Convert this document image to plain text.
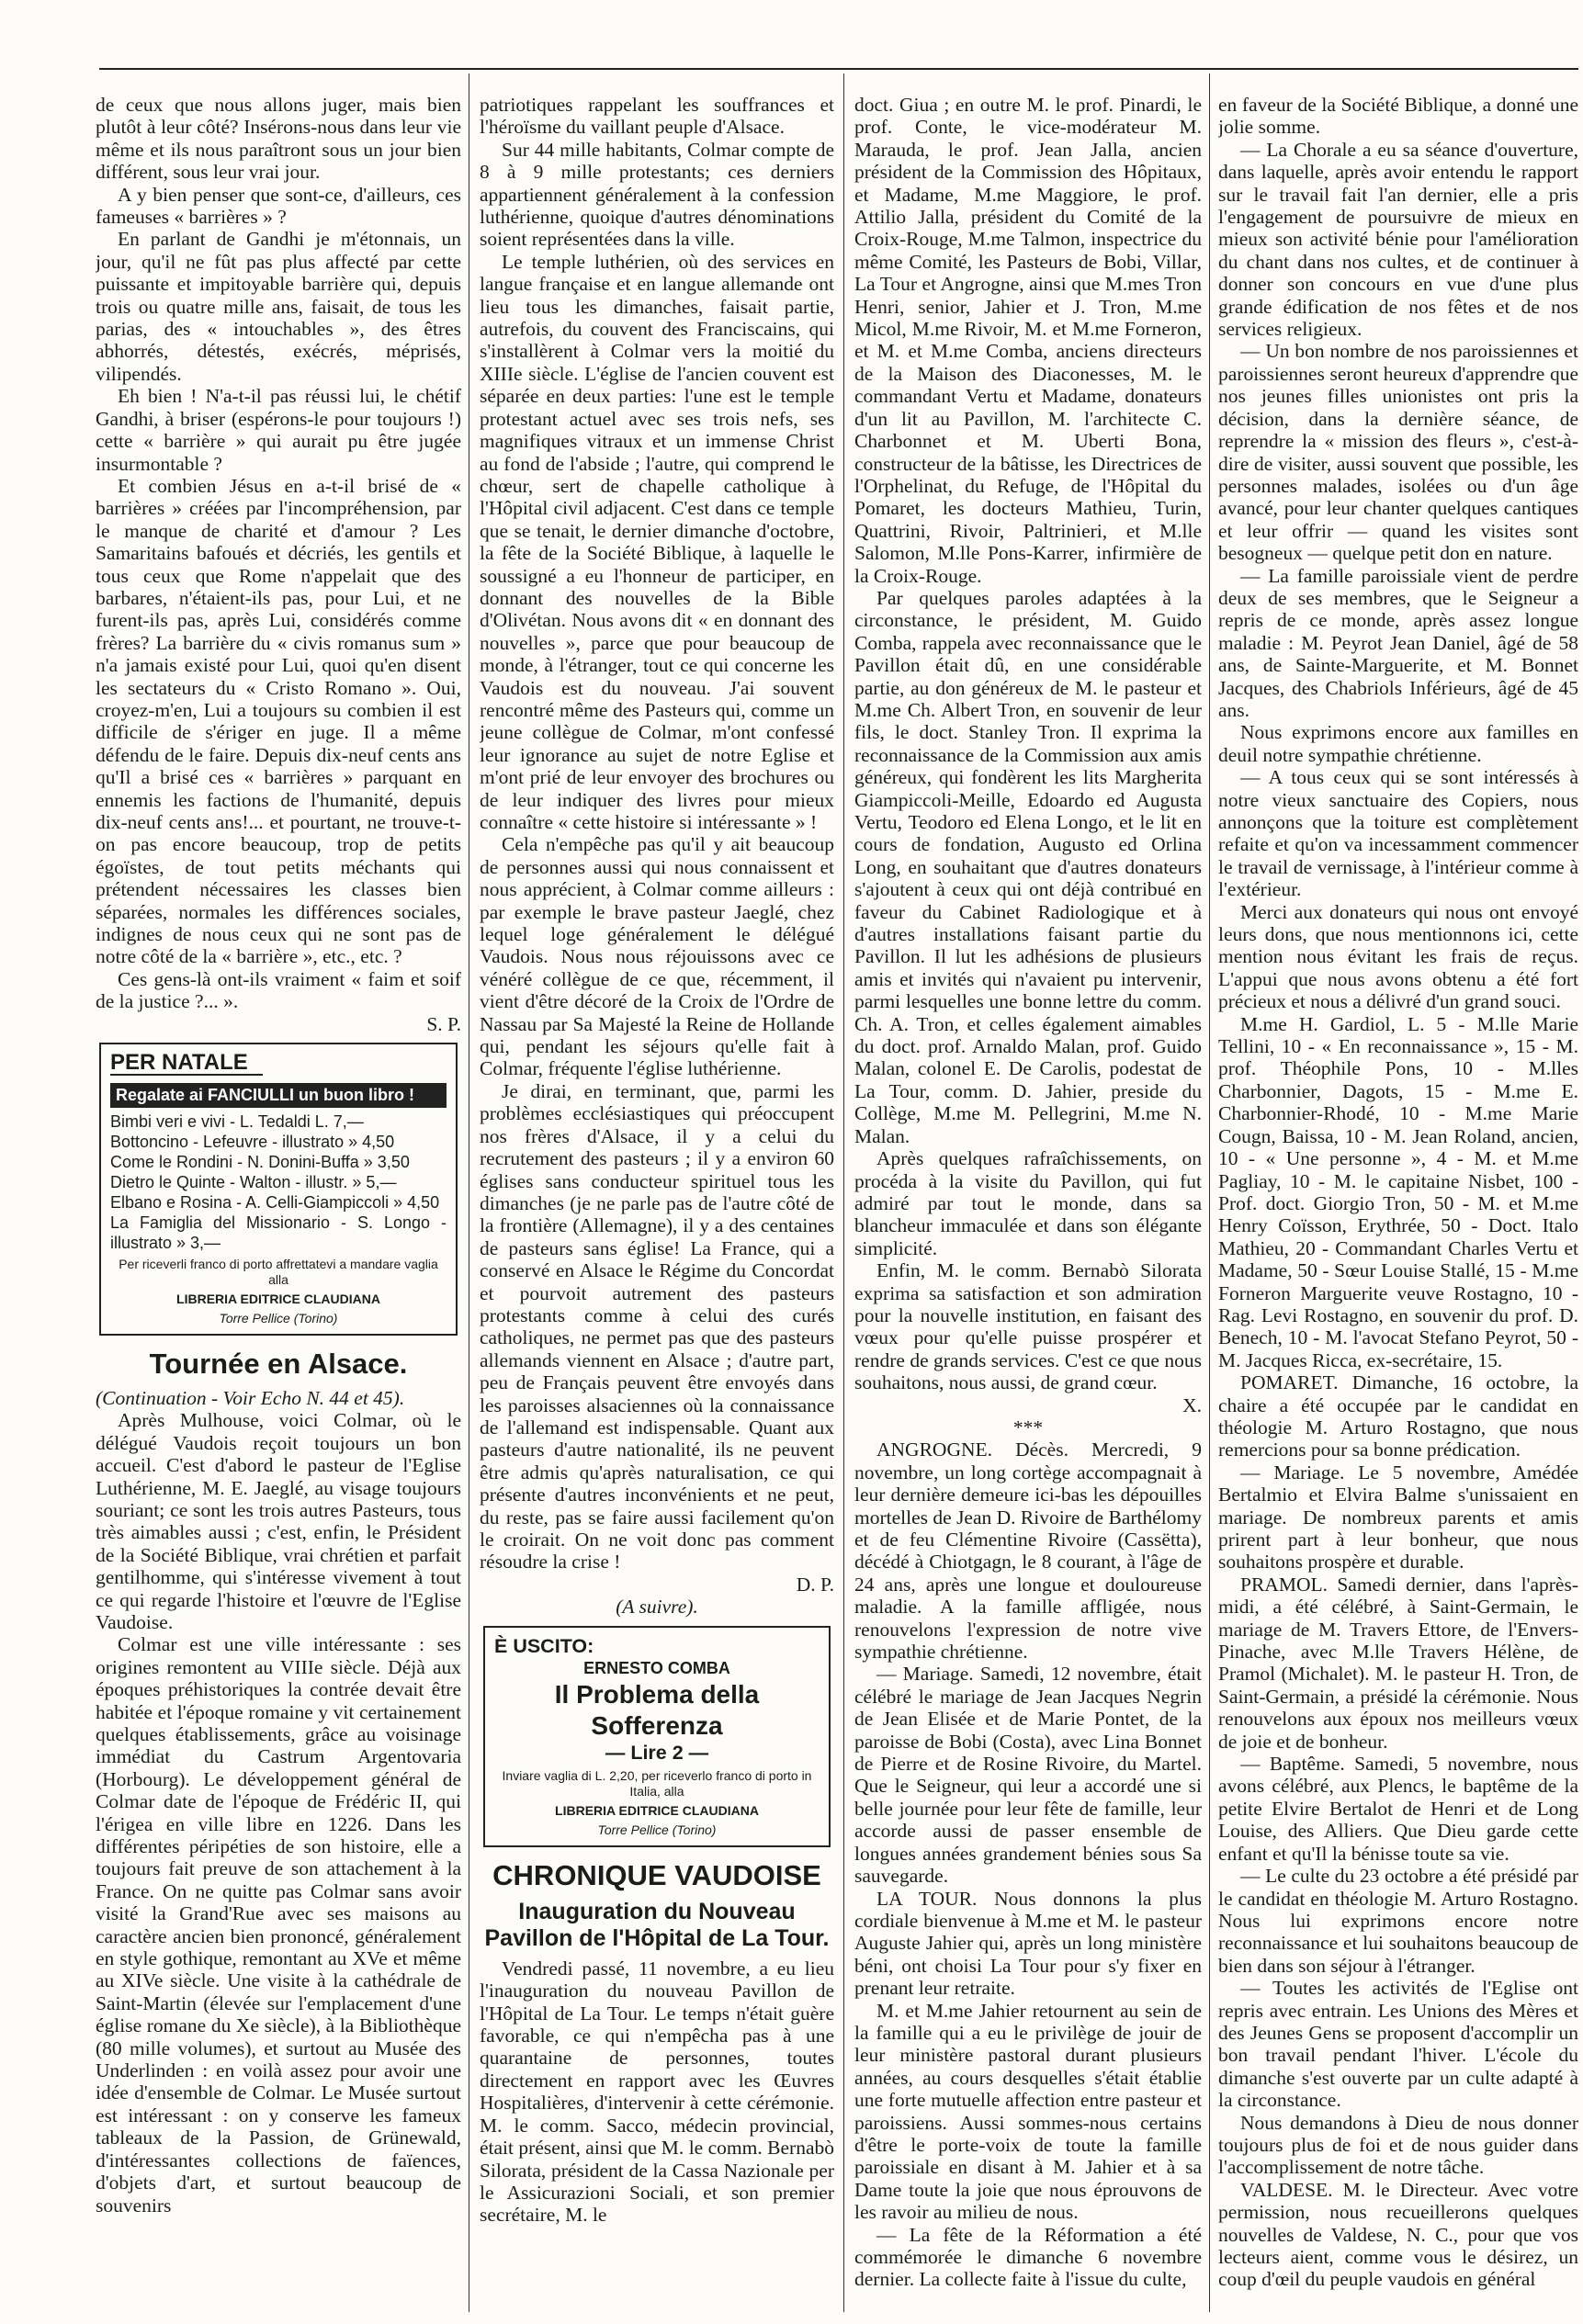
de ceux que nous allons juger, mais bien plutôt à leur côté? Insérons-nous dans leur vie même et ils nous paraîtront sous un jour bien différent, sous leur vrai jour.

A y bien penser que sont-ce, d'ailleurs, ces fameuses « barrières » ?

En parlant de Gandhi je m'étonnais, un jour, qu'il ne fût pas plus affecté par cette puissante et impitoyable barrière qui, depuis trois ou quatre mille ans, faisait, de tous les parias, des « intouchables », des êtres abhorrés, détestés, exécrés, méprisés, vilipendés.

Eh bien ! N'a-t-il pas réussi lui, le chétif Gandhi, à briser (espérons-le pour toujours !) cette « barrière » qui aurait pu être jugée insurmontable ?

Et combien Jésus en a-t-il brisé de « barrières » créées par l'incompréhension, par le manque de charité et d'amour ? Les Samaritains bafoués et décriés, les gentils et tous ceux que Rome n'appelait que des barbares, n'étaient-ils pas, pour Lui, et ne furent-ils pas, après Lui, considérés comme frères? La barrière du « civis romanus sum » n'a jamais existé pour Lui, quoi qu'en disent les sectateurs du « Cristo Romano ». Oui, croyez-m'en, Lui a toujours su combien il est difficile de s'ériger en juge. Il a même défendu de le faire. Depuis dix-neuf cents ans qu'Il a brisé ces « barrières » parquant en ennemis les factions de l'humanité, depuis dix-neuf cents ans!... et pourtant, ne trouve-t-on pas encore beaucoup, trop de petits égoïstes, de tout petits méchants qui prétendent nécessaires les classes bien séparées, normales les différences sociales, indignes de nous ceux qui ne sont pas de notre côté de la « barrière », etc., etc. ?

Ces gens-là ont-ils vraiment « faim et soif de la justice ?... ».

S. P.

PER NATALE
Regalate ai FANCIULLI un buon libro !
Bimbi veri e vivi - L. Tedaldi L. 7,—
Bottoncino - Lefeuvre - illustrato » 4,50
Come le Rondini - N. Donini-Buffa » 3,50
Dietro le Quinte - Walton - illustr. » 5,—
Elbano e Rosina - A. Celli-Giampiccoli » 4,50
La Famiglia del Missionario - S. Longo - illustrato » 3,—
Per riceverli franco di porto affrettatevi a mandare vaglia alla
LIBRERIA EDITRICE CLAUDIANA
Torre Pellice (Torino)
Tournée en Alsace.

(Continuation - Voir Echo N. 44 et 45).

Après Mulhouse, voici Colmar, où le délégué Vaudois reçoit toujours un bon accueil. C'est d'abord le pasteur de l'Eglise Luthérienne, M. E. Jaeglé, au visage toujours souriant; ce sont les trois autres Pasteurs, tous très aimables aussi ; c'est, enfin, le Président de la Société Biblique, vrai chrétien et parfait gentilhomme, qui s'intéresse vivement à tout ce qui regarde l'histoire et l'œuvre de l'Eglise Vaudoise.

Colmar est une ville intéressante : ses origines remontent au VIIIe siècle. Déjà aux époques préhistoriques la contrée devait être habitée et l'époque romaine y vit certainement quelques établissements, grâce au voisinage immédiat du Castrum Argentovaria (Horbourg). Le développement général de Colmar date de l'époque de Frédéric II, qui l'érigea en ville libre en 1226. Dans les différentes péripéties de son histoire, elle a toujours fait preuve de son attachement à la France. On ne quitte pas Colmar sans avoir visité la Grand'Rue avec ses maisons au caractère ancien bien prononcé, généralement en style gothique, remontant au XVe et même au XIVe siècle. Une visite à la cathédrale de Saint-Martin (élevée sur l'emplacement d'une église romane du Xe siècle), à la Bibliothèque (80 mille volumes), et surtout au Musée des Underlinden : en voilà assez pour avoir une idée d'ensemble de Colmar. Le Musée surtout est intéressant : on y conserve les fameux tableaux de la Passion, de Grünewald, d'intéressantes collections de faïences, d'objets d'art, et surtout beaucoup de souvenirs

patriotiques rappelant les souffrances et l'héroïsme du vaillant peuple d'Alsace.

Sur 44 mille habitants, Colmar compte de 8 à 9 mille protestants; ces derniers appartiennent généralement à la confession luthérienne, quoique d'autres dénominations soient représentées dans la ville.

Le temple luthérien, où des services en langue française et en langue allemande ont lieu tous les dimanches, faisait partie, autrefois, du couvent des Franciscains, qui s'installèrent à Colmar vers la moitié du XIIIe siècle. L'église de l'ancien couvent est séparée en deux parties: l'une est le temple protestant actuel avec ses trois nefs, ses magnifiques vitraux et un immense Christ au fond de l'abside ; l'autre, qui comprend le chœur, sert de chapelle catholique à l'Hôpital civil adjacent. C'est dans ce temple que se tenait, le dernier dimanche d'octobre, la fête de la Société Biblique, à laquelle le soussigné a eu l'honneur de participer, en donnant des nouvelles de la Bible d'Olivétan. Nous avons dit « en donnant des nouvelles », parce que pour beaucoup de monde, à l'étranger, tout ce qui concerne les Vaudois est du nouveau. J'ai souvent rencontré même des Pasteurs qui, comme un jeune collègue de Colmar, m'ont confessé leur ignorance au sujet de notre Eglise et m'ont prié de leur envoyer des brochures ou de leur indiquer des livres pour mieux connaître « cette histoire si intéressante » !

Cela n'empêche pas qu'il y ait beaucoup de personnes aussi qui nous connaissent et nous apprécient, à Colmar comme ailleurs : par exemple le brave pasteur Jaeglé, chez lequel loge généralement le délégué Vaudois. Nous nous réjouissons avec ce vénéré collègue de ce que, récemment, il vient d'être décoré de la Croix de l'Ordre de Nassau par Sa Majesté la Reine de Hollande qui, pendant les séjours qu'elle fait à Colmar, fréquente l'église luthérienne.

Je dirai, en terminant, que, parmi les problèmes ecclésiastiques qui préoccupent nos frères d'Alsace, il y a celui du recrutement des pasteurs ; il y a environ 60 églises sans conducteur spirituel tous les dimanches (je ne parle pas de l'autre côté de la frontière (Allemagne), il y a des centaines de pasteurs sans église! La France, qui a conservé en Alsace le Régime du Concordat et pourvoit autrement des pasteurs protestants comme à celui des curés catholiques, ne permet pas que des pasteurs allemands viennent en Alsace ; d'autre part, peu de Français peuvent être envoyés dans les paroisses alsaciennes où la connaissance de l'allemand est indispensable. Quant aux pasteurs d'autre nationalité, ils ne peuvent être admis qu'après naturalisation, ce qui présente d'autres inconvénients et ne peut, du reste, pas se faire aussi facilement qu'on le croirait. On ne voit donc pas comment résoudre la crise !

D. P.

(A suivre).

È USCITO:
ERNESTO COMBA
Il Problema della Sofferenza
— Lire 2 —
Inviare vaglia di L. 2,20, per riceverlo franco di porto in Italia, alla
LIBRERIA EDITRICE CLAUDIANA
Torre Pellice (Torino)
CHRONIQUE VAUDOISE
Inauguration du Nouveau Pavillon de l'Hôpital de La Tour.

Vendredi passé, 11 novembre, a eu lieu l'inauguration du nouveau Pavillon de l'Hôpital de La Tour. Le temps n'était guère favorable, ce qui n'empêcha pas à une quarantaine de personnes, toutes directement en rapport avec les Œuvres Hospitalières, d'intervenir à cette cérémonie. M. le comm. Sacco, médecin provincial, était présent, ainsi que M. le comm. Bernabò Silorata, président de la Cassa Nazionale per le Assicurazioni Sociali, et son premier secrétaire, M. le

doct. Giua ; en outre M. le prof. Pinardi, le prof. Conte, le vice-modérateur M. Marauda, le prof. Jean Jalla, ancien président de la Commission des Hôpitaux, et Madame, M.me Maggiore, le prof. Attilio Jalla, président du Comité de la Croix-Rouge, M.me Talmon, inspectrice du même Comité, les Pasteurs de Bobi, Villar, La Tour et Angrogne, ainsi que M.mes Tron Henri, senior, Jahier et J. Tron, M.me Micol, M.me Rivoir, M. et M.me Forneron, et M. et M.me Comba, anciens directeurs de la Maison des Diaconesses, M. le commandant Vertu et Madame, donateurs d'un lit au Pavillon, M. l'architecte C. Charbonnet et M. Uberti Bona, constructeur de la bâtisse, les Directrices de l'Orphelinat, du Refuge, de l'Hôpital du Pomaret, les docteurs Mathieu, Turin, Quattrini, Rivoir, Paltrinieri, et M.lle Salomon, M.lle Pons-Karrer, infirmière de la Croix-Rouge.

Par quelques paroles adaptées à la circonstance, le président, M. Guido Comba, rappela avec reconnaissance que le Pavillon était dû, en une considérable partie, au don généreux de M. le pasteur et M.me Ch. Albert Tron, en souvenir de leur fils, le doct. Stanley Tron. Il exprima la reconnaissance de la Commission aux amis généreux, qui fondèrent les lits Margherita Giampiccoli-Meille, Edoardo ed Augusta Vertu, Teodoro ed Elena Longo, et le lit en cours de fondation, Augusto ed Orlina Long, en souhaitant que d'autres donateurs s'ajoutent à ceux qui ont déjà contribué en faveur du Cabinet Radiologique et à d'autres installations faisant partie du Pavillon. Il lut les adhésions de plusieurs amis et invités qui n'avaient pu intervenir, parmi lesquelles une bonne lettre du comm. Ch. A. Tron, et celles également aimables du doct. prof. Arnaldo Malan, prof. Guido Malan, colonel E. De Carolis, podestat de La Tour, comm. D. Jahier, preside du Collège, M.me M. Pellegrini, M.me N. Malan.

Après quelques rafraîchissements, on procéda à la visite du Pavillon, qui fut admiré par tout le monde, dans sa blancheur immaculée et dans son élégante simplicité.

Enfin, M. le comm. Bernabò Silorata exprima sa satisfaction et son admiration pour la nouvelle institution, en faisant des vœux pour qu'elle puisse prospérer et rendre de grands services. C'est ce que nous souhaitons, nous aussi, de grand cœur.

X.

***

ANGROGNE. Décès. Mercredi, 9 novembre, un long cortège accompagnait à leur dernière demeure ici-bas les dépouilles mortelles de Jean D. Rivoire de Barthélomy et de feu Clémentine Rivoire (Cassëtta), décédé à Chiotgagn, le 8 courant, à l'âge de 24 ans, après une longue et douloureuse maladie. A la famille affligée, nous renouvelons l'expression de notre vive sympathie chrétienne.

— Mariage. Samedi, 12 novembre, était célébré le mariage de Jean Jacques Negrin de Jean Elisée et de Marie Pontet, de la paroisse de Bobi (Costa), avec Lina Bonnet de Pierre et de Rosine Rivoire, du Martel. Que le Seigneur, qui leur a accordé une si belle journée pour leur fête de famille, leur accorde aussi de passer ensemble de longues années grandement bénies sous Sa sauvegarde.

LA TOUR. Nous donnons la plus cordiale bienvenue à M.me et M. le pasteur Auguste Jahier qui, après un long ministère béni, ont choisi La Tour pour s'y fixer en prenant leur retraite.

M. et M.me Jahier retournent au sein de la famille qui a eu le privilège de jouir de leur ministère pastoral durant plusieurs années, au cours desquelles s'était établie une forte mutuelle affection entre pasteur et paroissiens. Aussi sommes-nous certains d'être le porte-voix de toute la famille paroissiale en disant à M. Jahier et à sa Dame toute la joie que nous éprouvons de les ravoir au milieu de nous.

— La fête de la Réformation a été commémorée le dimanche 6 novembre dernier. La collecte faite à l'issue du culte,

en faveur de la Société Biblique, a donné une jolie somme.

— La Chorale a eu sa séance d'ouverture, dans laquelle, après avoir entendu le rapport sur le travail fait l'an dernier, elle a pris l'engagement de poursuivre de mieux en mieux son activité bénie pour l'amélioration du chant dans nos cultes, et de continuer à donner son concours en vue d'une plus grande édification de nos fêtes et de nos services religieux.

— Un bon nombre de nos paroissiennes et paroissiennes seront heureux d'apprendre que nos jeunes filles unionistes ont pris la décision, dans la dernière séance, de reprendre la « mission des fleurs », c'est-à-dire de visiter, aussi souvent que possible, les personnes malades, isolées ou d'un âge avancé, pour leur chanter quelques cantiques et leur offrir — quand les visites sont besogneux — quelque petit don en nature.

— La famille paroissiale vient de perdre deux de ses membres, que le Seigneur a repris de ce monde, après assez longue maladie : M. Peyrot Jean Daniel, âgé de 58 ans, de Sainte-Marguerite, et M. Bonnet Jacques, des Chabriols Inférieurs, âgé de 45 ans.

Nous exprimons encore aux familles en deuil notre sympathie chrétienne.

— A tous ceux qui se sont intéressés à notre vieux sanctuaire des Copiers, nous annonçons que la toiture est complètement refaite et qu'on va incessamment commencer le travail de vernissage, à l'intérieur comme à l'extérieur.

Merci aux donateurs qui nous ont envoyé leurs dons, que nous mentionnons ici, cette mention nous évitant les frais de reçus. L'appui que nous avons obtenu a été fort précieux et nous a délivré d'un grand souci.

M.me H. Gardiol, L. 5 - M.lle Marie Tellini, 10 - « En reconnaissance », 15 - M. prof. Théophile Pons, 10 - M.lles Charbonnier, Dagots, 15 - M.me E. Charbonnier-Rhodé, 10 - M.me Marie Cougn, Baissa, 10 - M. Jean Roland, ancien, 10 - « Une personne », 4 - M. et M.me Pagliay, 10 - M. le capitaine Nisbet, 100 - Prof. doct. Giorgio Tron, 50 - M. et M.me Henry Coïsson, Erythrée, 50 - Doct. Italo Mathieu, 20 - Commandant Charles Vertu et Madame, 50 - Sœur Louise Stallé, 15 - M.me Forneron Marguerite veuve Rostagno, 10 - Rag. Levi Rostagno, en souvenir du prof. D. Benech, 10 - M. l'avocat Stefano Peyrot, 50 - M. Jacques Ricca, ex-secrétaire, 15.

POMARET. Dimanche, 16 octobre, la chaire a été occupée par le candidat en théologie M. Arturo Rostagno, que nous remercions pour sa bonne prédication.

— Mariage. Le 5 novembre, Amédée Bertalmio et Elvira Balme s'unissaient en mariage. De nombreux parents et amis prirent part à leur bonheur, que nous souhaitons prospère et durable.

PRAMOL. Samedi dernier, dans l'après-midi, a été célébré, à Saint-Germain, le mariage de M. Travers Ettore, de l'Envers-Pinache, avec M.lle Travers Hélène, de Pramol (Michalet). M. le pasteur H. Tron, de Saint-Germain, a présidé la cérémonie. Nous renouvelons aux époux nos meilleurs vœux de joie et de bonheur.

— Baptême. Samedi, 5 novembre, nous avons célébré, aux Plencs, le baptême de la petite Elvire Bertalot de Henri et de Long Louise, des Alliers. Que Dieu garde cette enfant et qu'Il la bénisse toute sa vie.

— Le culte du 23 octobre a été présidé par le candidat en théologie M. Arturo Rostagno. Nous lui exprimons encore notre reconnaissance et lui souhaitons beaucoup de bien dans son séjour à l'étranger.

— Toutes les activités de l'Eglise ont repris avec entrain. Les Unions des Mères et des Jeunes Gens se proposent d'accomplir un bon travail pendant l'hiver. L'école du dimanche s'est ouverte par un culte adapté à la circonstance.

Nous demandons à Dieu de nous donner toujours plus de foi et de nous guider dans l'accomplissement de notre tâche.

VALDESE. M. le Directeur. Avec votre permission, nous recueillerons quelques nouvelles de Valdese, N. C., pour que vos lecteurs aient, comme vous le désirez, un coup d'œil du peuple vaudois en général
